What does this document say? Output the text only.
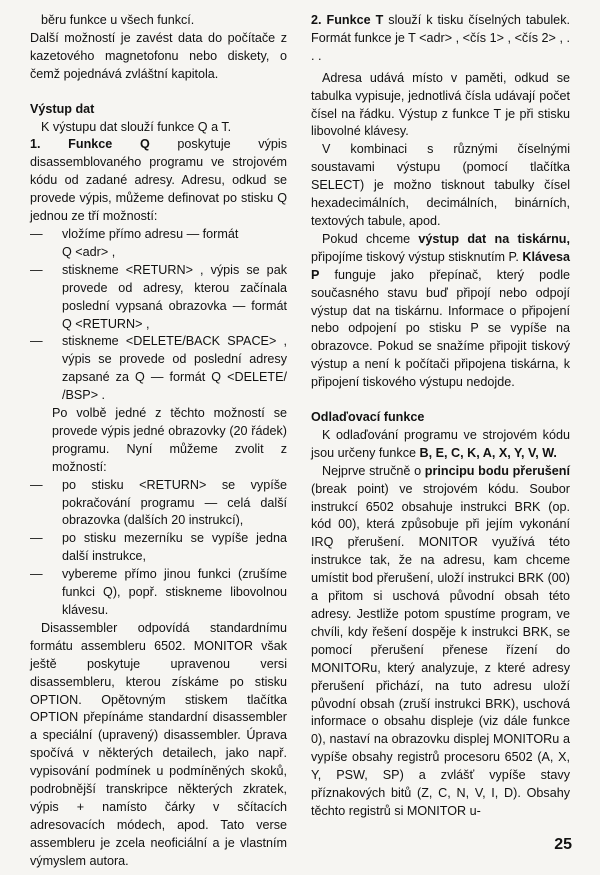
běru funkce u všech funkcí.

Další možností je zavést data do počítače z kazetového magnetofonu nebo diskety, o čemž pojednává zvláštní kapitola.

Výstup dat

K výstupu dat slouží funkce Q a T.

1. Funkce Q poskytuje výpis disassemblovaného programu ve strojovém kódu od zadané adresy. Adresu, odkud se provede výpis, můžeme definovat po stisku Q jednou ze tří možností:

— vložíme přímo adresu — formát

Q <adr> ,

— stiskneme <RETURN> , výpis se pak provede od adresy, kterou začínala poslední vypsaná obrazovka — formát Q <RETURN> ,

— stiskneme <DELETE/BACK SPACE> , výpis se provede od poslední adresy zapsané za Q — formát Q <DELETE/ /BSP> .

Po volbě jedné z těchto možností se provede výpis jedné obrazovky (20 řádek) programu. Nyní můžeme zvolit z možností:

— po stisku <RETURN> se vypíše pokračování programu — celá další obrazovka (dalších 20 instrukcí),

— po stisku mezerníku se vypíše jedna další instrukce,

— vybereme přímo jinou funkci (zrušíme funkci Q), popř. stiskneme libovolnou klávesu.

Disassembler odpovídá standardnímu formátu assembleru 6502. MONITOR však ještě poskytuje upravenou versi disassembleru, kterou získáme po stisku OPTION. Opětovným stiskem tlačítka OPTION přepínáme standardní disassembler a speciální (upravený) disassembler. Úprava spočívá v některých detailech, jako např. vypisování podmínek u podmíněných skoků, podrobnější transkripce některých zkratek, výpis + namísto čárky v sčítacích adresovacích módech, apod. Tato verse assembleru je zcela neoficiální a je vlastním výmyslem autora.

2. Funkce T slouží k tisku číselných tabulek. Formát funkce je T <adr> , <čís 1> , <čís 2> , . . .

Adresa udává místo v paměti, odkud se tabulka vypisuje, jednotlivá čísla udávají počet čísel na řádku. Výstup z funkce T je při stisku libovolné klávesy.

V kombinaci s různými číselnými soustavami výstupu (pomocí tlačítka SELECT) je možno tisknout tabulky čísel hexadecimálních, decimálních, binárních, textových tabule, apod.

Pokud chceme výstup dat na tiskárnu, připojíme tiskový výstup stisknutím P. Klávesa P funguje jako přepínač, který podle současného stavu buď připojí nebo odpojí výstup dat na tiskárnu. Informace o připojení nebo odpojení po stisku P se vypíše na obrazovce. Pokud se snažíme připojit tiskový výstup a není k počítači připojena tiskárna, k připojení tiskového výstupu nedojde.

Odlaďovací funkce

K odlaďování programu ve strojovém kódu jsou určeny funkce B, E, C, K, A, X, Y, V, W.

Nejprve stručně o principu bodu přerušení (break point) ve strojovém kódu. Soubor instrukcí 6502 obsahuje instrukci BRK (op. kód 00), která způsobuje při jejím vykonání IRQ přerušení. MONITOR využívá této instrukce tak, že na adresu, kam chceme umístit bod přerušení, uloží instrukci BRK (00) a přitom si uschová původní obsah této adresy. Jestliže potom spustíme program, ve chvíli, kdy řešení dospěje k instrukci BRK, se pomocí přerušení přenese řízení do MONITORu, který analyzuje, z které adresy přerušení přichází, na tuto adresu uloží původní obsah (zruší instrukci BRK), uschová informace o obsahu displeje (viz dále funkce 0), nastaví na obrazovku displej MONITORu a vypíše obsahy registrů procesoru 6502 (A, X, Y, PSW, SP) a zvlášť vypíše stavy příznakových bitů (Z, C, N, V, I, D). Obsahy těchto registrů si MONITOR u-

25
